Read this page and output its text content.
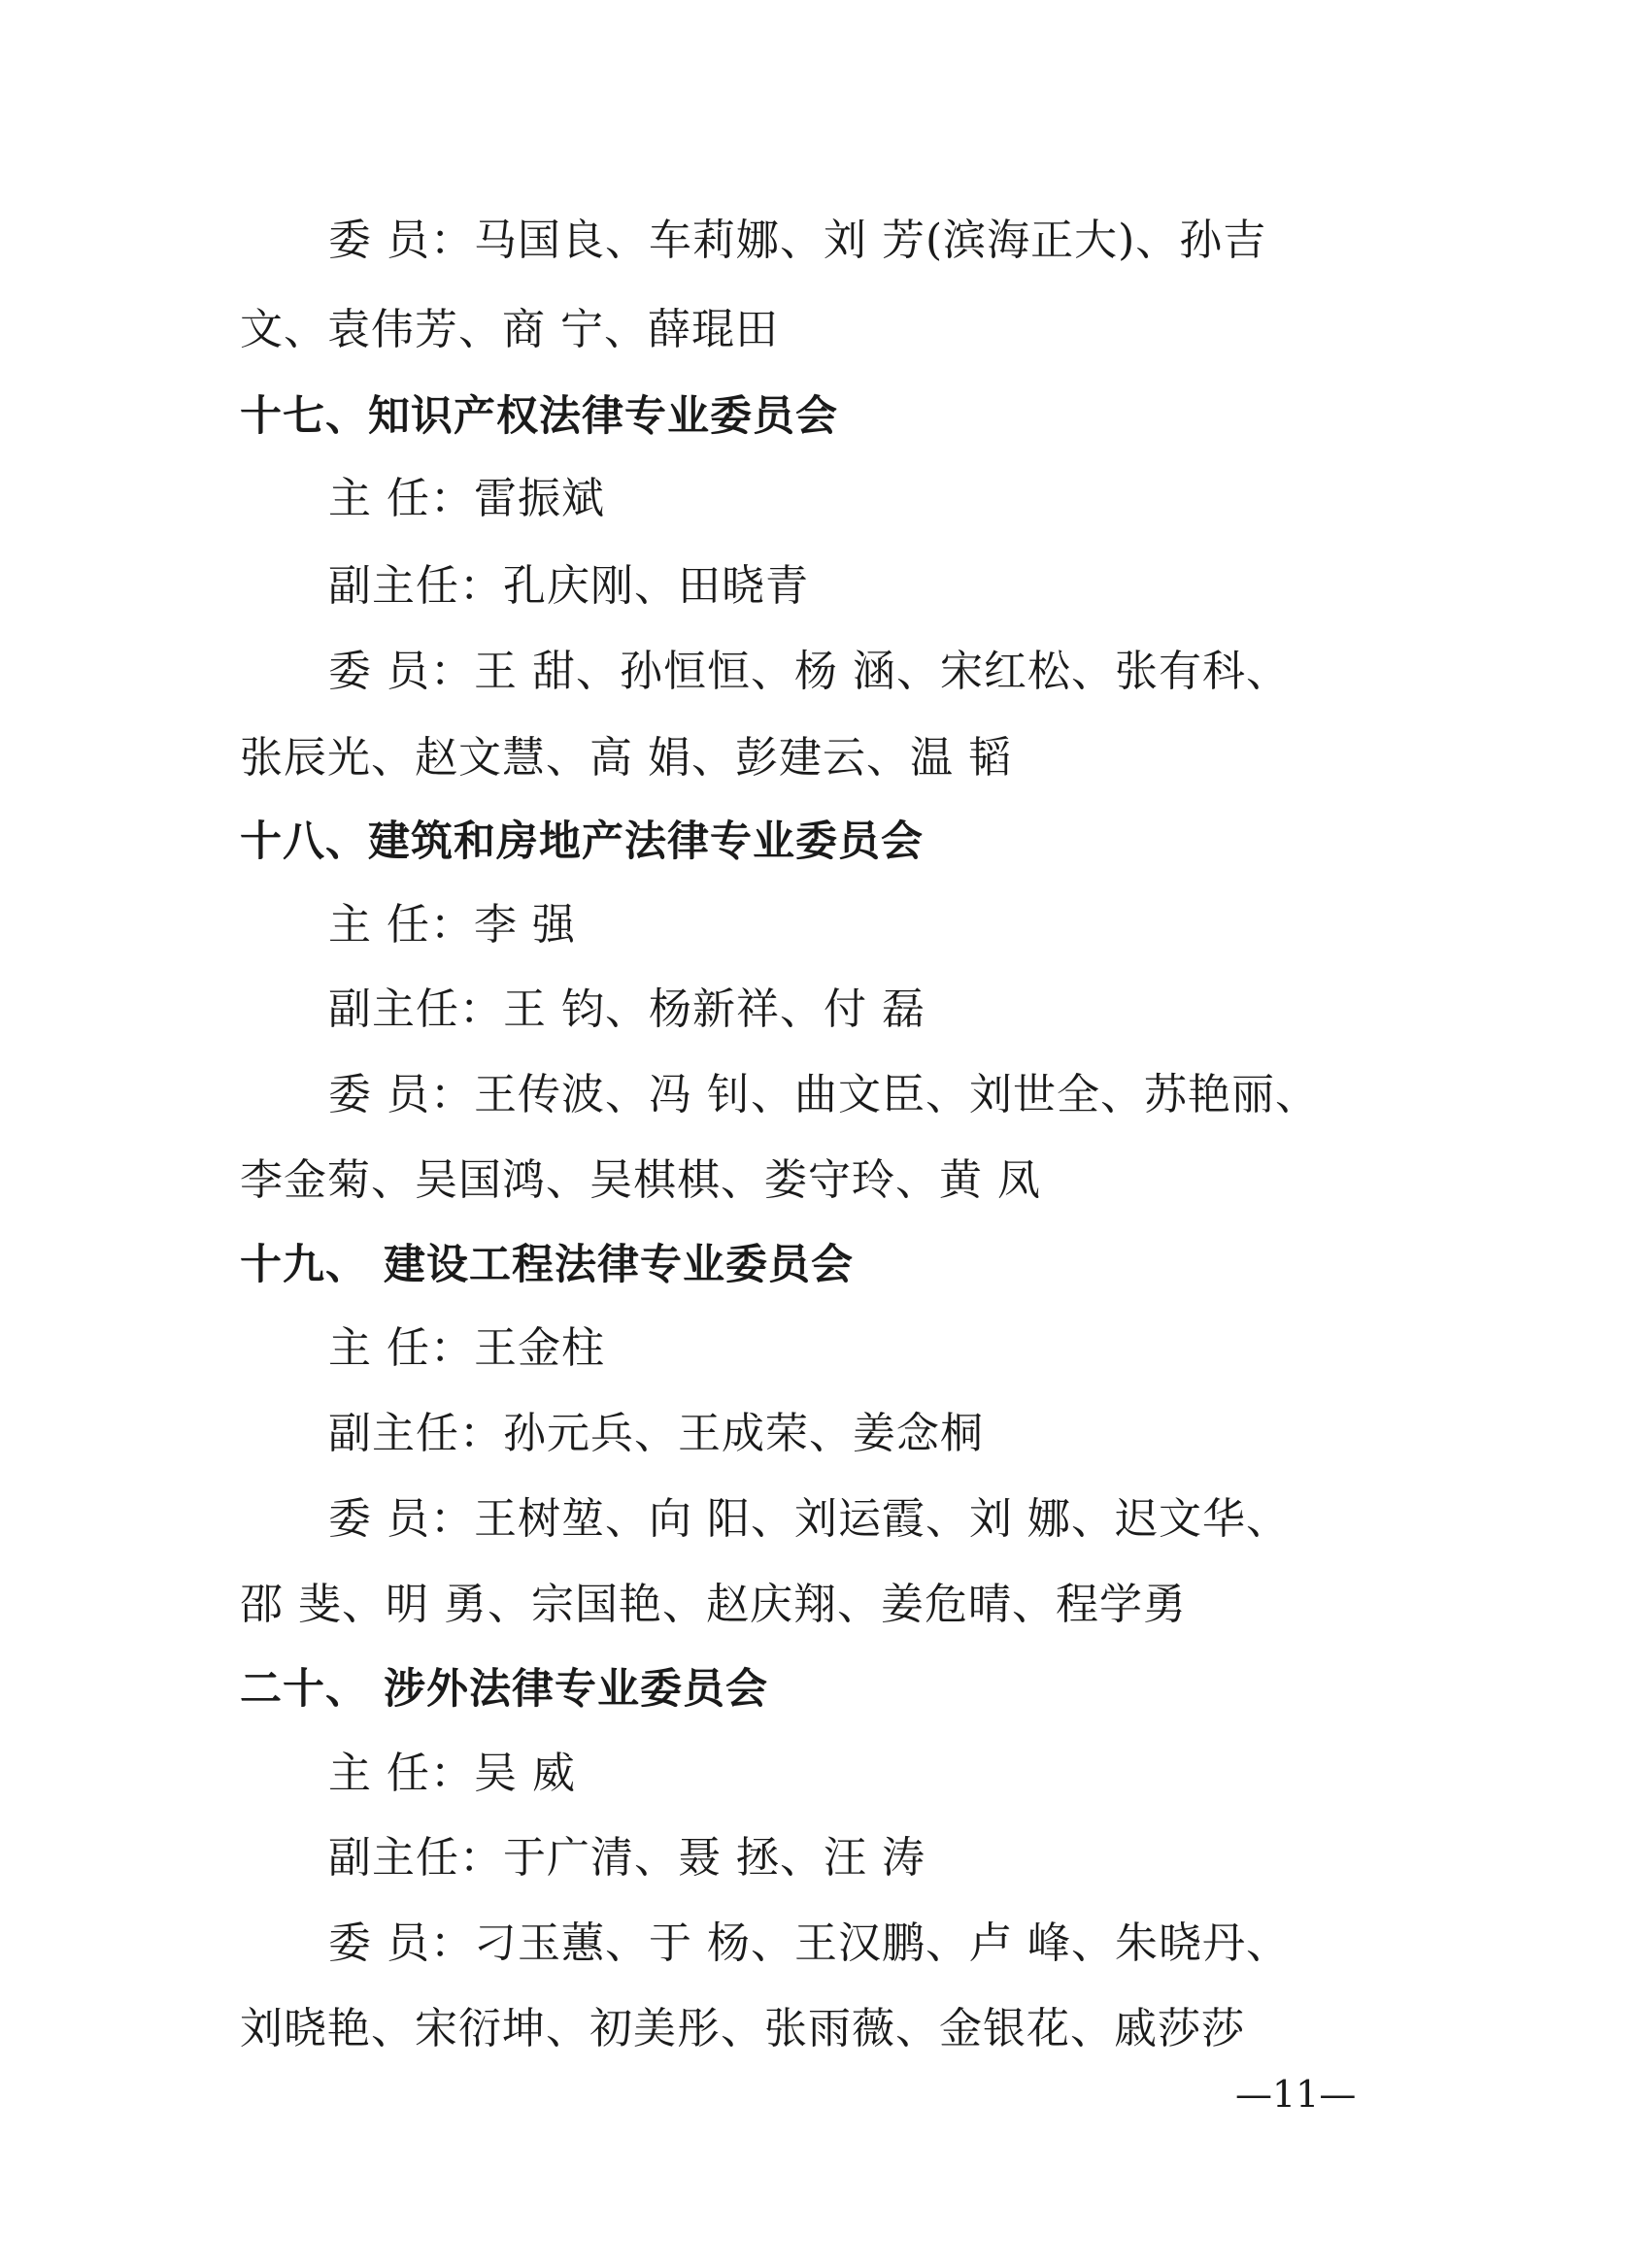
委 员：马国良、车莉娜、刘 芳(滨海正大)、孙吉
文、袁伟芳、商 宁、薛琨田
十七、知识产权法律专业委员会
主 任：雷振斌
副主任：孔庆刚、田晓青
委 员：王 甜、孙恒恒、杨 涵、宋红松、张有科、
张辰光、赵文慧、高 娟、彭建云、温 韬
十八、建筑和房地产法律专业委员会
主 任：李 强
副主任：王 钧、杨新祥、付 磊
委 员：王传波、冯 钊、曲文臣、刘世全、苏艳丽、
李金菊、吴国鸿、吴棋棋、娄守玲、黄 凤
十九、 建设工程法律专业委员会
主 任：王金柱
副主任：孙元兵、王成荣、姜念桐
委 员：王树堃、向 阳、刘运霞、刘 娜、迟文华、
邵 斐、明 勇、宗国艳、赵庆翔、姜危晴、程学勇
二十、 涉外法律专业委员会
主 任：吴 威
副主任：于广清、聂 拯、汪 涛
委 员：刁玉蕙、于 杨、王汉鹏、卢 峰、朱晓丹、
刘晓艳、宋衍坤、初美彤、张雨薇、金银花、戚莎莎
—11—
